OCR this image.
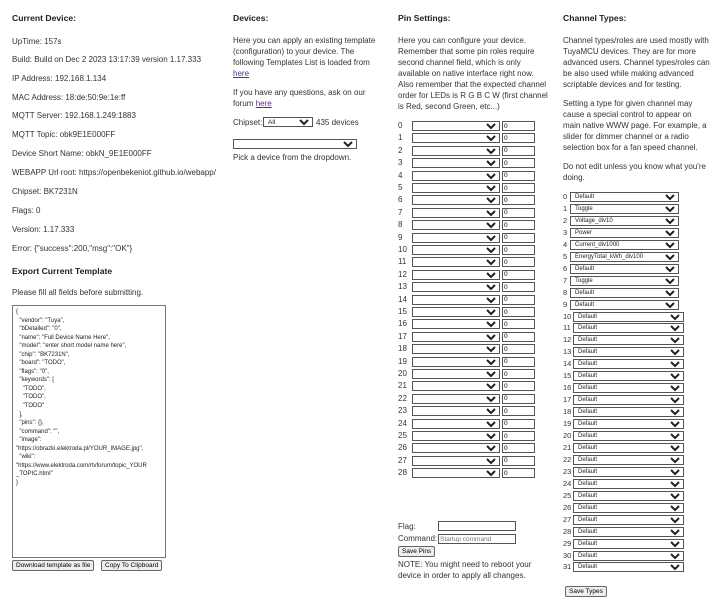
Current Device:
UpTime: 157s
Build: Build on Dec 2 2023 13:17:39 version 1.17.333
IP Address: 192.168.1.134
MAC Address: 18:de:50:9e:1e:ff
MQTT Server: 192.168.1.249:1883
MQTT Topic: obk9E1E000FF
Device Short Name: obkN_9E1E000FF
WEBAPP Url root: https://openbekeniot.github.io/webapp/
Chipset: BK7231N
Flags: 0
Version: 1.17.333
Error: {"success":200,"msg":"OK"}
Export Current Template
Please fill all fields before submitting.
{ "vendor": "Tuya", "bDetailed": "0", "name": "Full Device Name Here", "model": "enter short model name here", "chip": "BK7231N", "board": "TODO", "flags": "0", "keywords": [ "TODO", "TODO", "TODO" ], "pins": {}, "command": "", "image": "https://obrazki.elektroda.pl/YOUR_IMAGE.jpg", "wiki": "https://www.elektroda.com/rtvforum/topic_YOUR _TOPIC.html" }
Download template as file	Copy To Clipboard
Devices:

Here you can apply an existing template (configuration) to your device. The following Templates List is loaded from here

If you have any questions, ask on our forum here

Chipset:
All	435 devices
Pick a device from the dropdown.
Pin Settings:

Here you can configure your device. Remember that some pin roles require second channel field, which is only available on native interface right now. Also remember that the expected channel order for LEDs is R G B C W (first channel is Red, second Green, etc...)

0
0
1
0
2
0
3
0
4
0
5
0
6
0
7
0
8
0
9
0
10
0
11
0
12
0
13
0
14
0
15
0
16
0
17
0
18
0
19
0
20
0
21
0
22
0
23
0
24
0
25
0
26
0
27
0
28
0
Flag:
Command:
Startup command
Save Pins

NOTE: You might need to reboot your device in order to apply all changes.

Channel Types:

Channel types/roles are used mostly with TuyaMCU devices. They are for more advanced users. Channel types/roles can be also used while making advanced scriptable devices and for testing.

Setting a type for given channel may cause a special control to appear on main native WWW page. For example, a slider for dimmer channel or a radio selection box for a fan speed channel.

Do not edit unless you know what you're doing.

0
Default
1
Toggle
2
Voltage_div10
3
Power
4
Current_div1000
5
EnergyTotal_kWh_div100
6
Default
7
Toggle
8
Default
9
Default
10
Default
11
Default
12
Default
13
Default
14
Default
15
Default
16
Default
17
Default
18
Default
19
Default
20
Default
21
Default
22
Default
23
Default
24
Default
25
Default
26
Default
27
Default
28
Default
29
Default
30
Default
31
Default
Save Types
